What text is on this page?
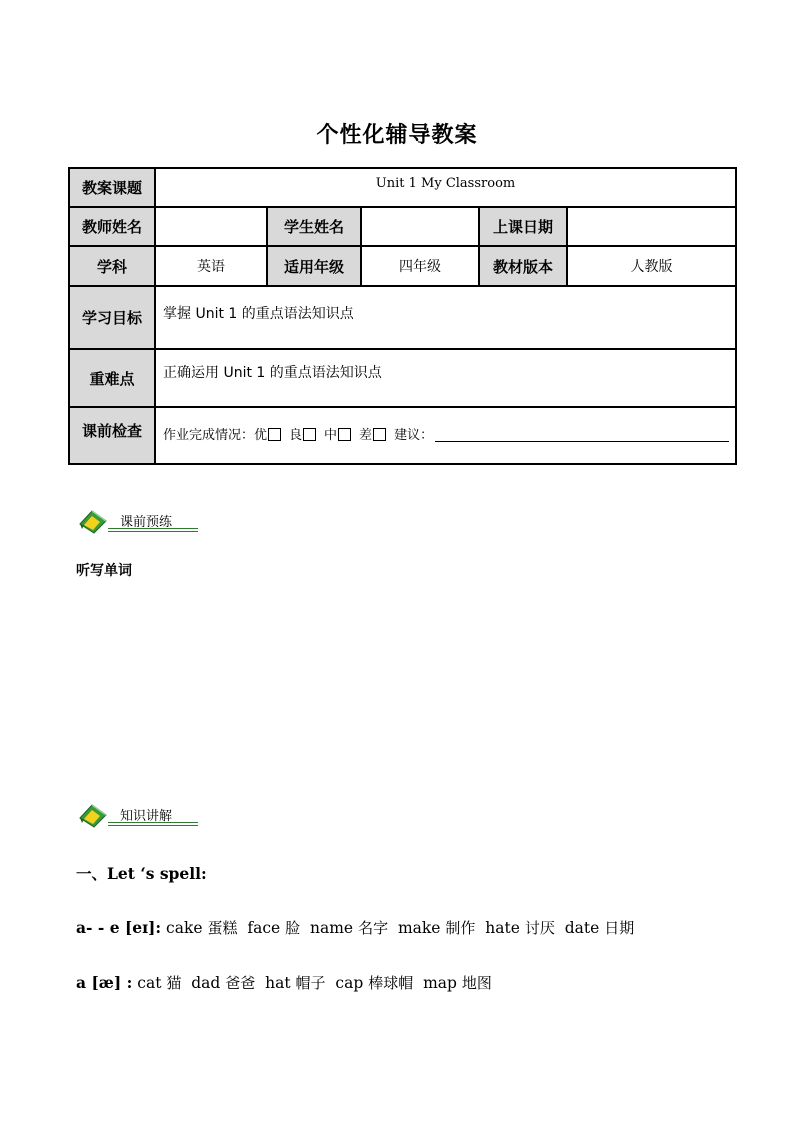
个性化辅导教案
教案课题	Unit 1 My Classroom				
教师姓名		学生姓名		上课日期	
学科	英语	适用年级	四年级	教材版本	人教版
学习目标	掌握 Unit 1 的重点语法知识点				
重难点	正确运用 Unit 1 的重点语法知识点				
课前检查	作业完成情况：优 良 中 差 建议：				
课前预练
听写单词
知识讲解
一、Let ‘s spell:
a- - e [eɪ]: cake 蛋糕 face 脸 name 名字 make 制作 hate 讨厌 date 日期
a [æ] : cat 猫 dad 爸爸 hat 帽子 cap 棒球帽 map 地图
